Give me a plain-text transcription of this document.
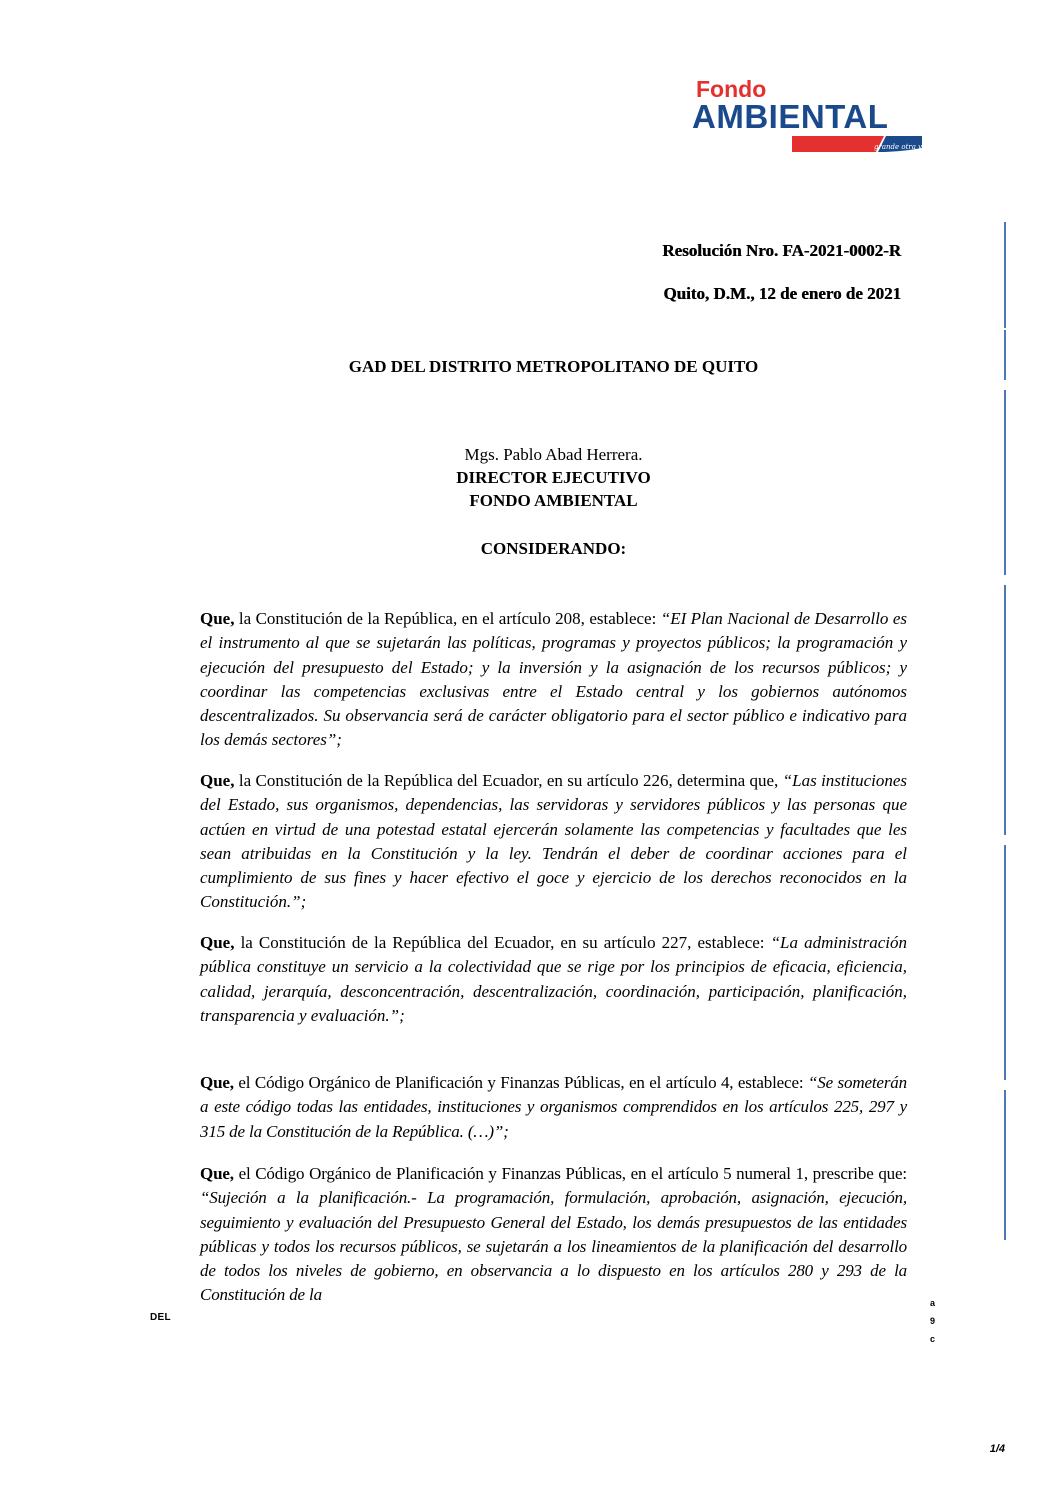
Fondo
AMBIENTAL
grande otra vez
Resolución Nro. FA-2021-0002-R
Quito, D.M., 12 de enero de 2021
GAD DEL DISTRITO METROPOLITANO DE QUITO
Mgs. Pablo Abad Herrera.
DIRECTOR EJECUTIVO
FONDO AMBIENTAL
CONSIDERANDO:
Que, la Constitución de la República, en el artículo 208, establece: “EI Plan Nacional de Desarrollo es el instrumento al que se sujetarán las políticas, programas y proyectos públicos; la programación y ejecución del presupuesto del Estado; y la inversión y la asignación de los recursos públicos; y coordinar las competencias exclusivas entre el Estado central y los gobiernos autónomos descentralizados. Su observancia será de carácter obligatorio para el sector público e indicativo para los demás sectores”;
Que, la Constitución de la República del Ecuador, en su artículo 226, determina que, “Las instituciones del Estado, sus organismos, dependencias, las servidoras y servidores públicos y las personas que actúen en virtud de una potestad estatal ejercerán solamente las competencias y facultades que les sean atribuidas en la Constitución y la ley. Tendrán el deber de coordinar acciones para el cumplimiento de sus fines y hacer efectivo el goce y ejercicio de los derechos reconocidos en la Constitución.”;
Que, la Constitución de la República del Ecuador, en su artículo 227, establece: “La administración pública constituye un servicio a la colectividad que se rige por los principios de eficacia, eficiencia, calidad, jerarquía, desconcentración, descentralización, coordinación, participación, planificación, transparencia y evaluación.”;
Que, el Código Orgánico de Planificación y Finanzas Públicas, en el artículo 4, establece: “Se someterán a este código todas las entidades, instituciones y organismos comprendidos en los artículos 225, 297 y 315 de la Constitución de la República. (…)”;
Que, el Código Orgánico de Planificación y Finanzas Públicas, en el artículo 5 numeral 1, prescribe que: “Sujeción a la planificación.- La programación, formulación, aprobación, asignación, ejecución, seguimiento y evaluación del Presupuesto General del Estado, los demás presupuestos de las entidades públicas y todos los recursos públicos, se sujetarán a los lineamientos de la planificación del desarrollo de todos los niveles de gobierno, en observancia a lo dispuesto en los artículos 280 y 293 de la Constitución de la
DEL
a
9
c
1/4
